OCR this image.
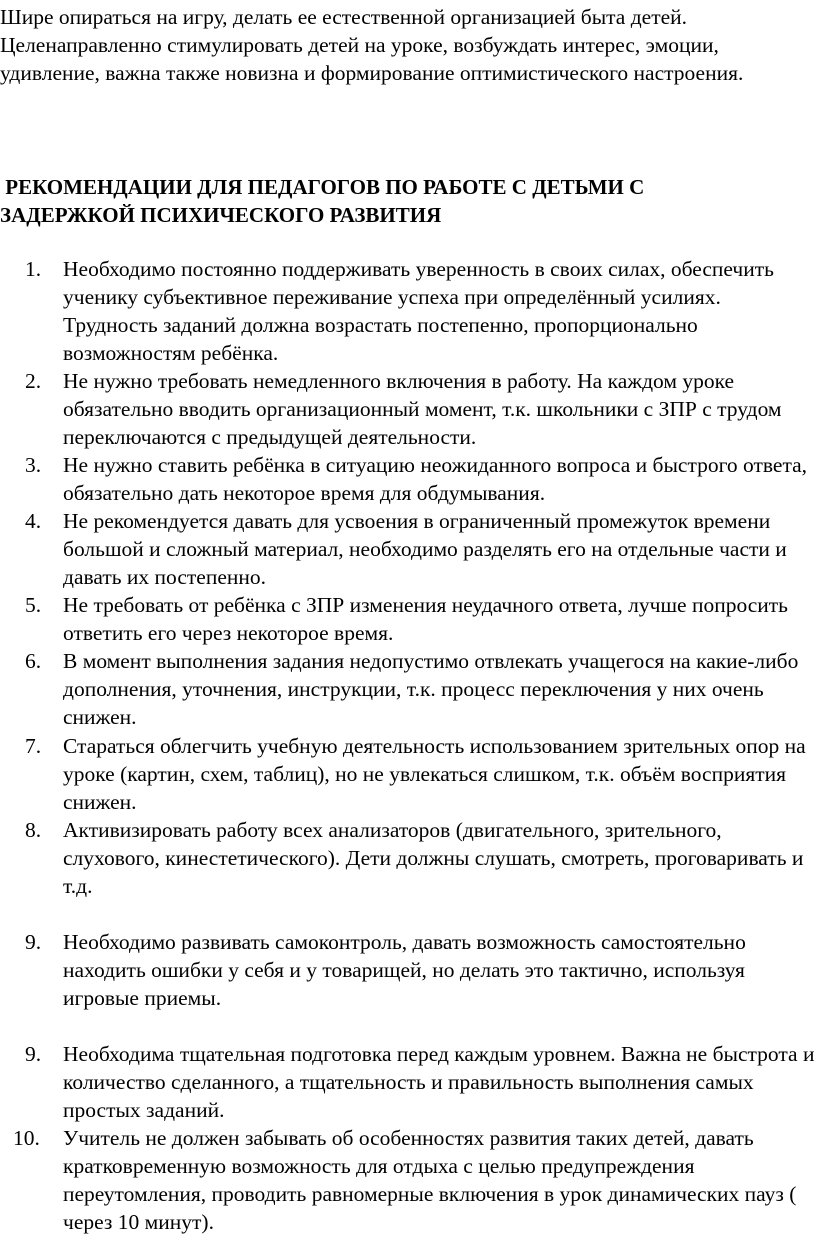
Шире опираться на игру, делать ее естественной организацией быта детей. Целенаправленно стимулировать детей на уроке, возбуждать интерес, эмоции, удивление, важна также новизна и формирование оптимистического настроения.

РЕКОМЕНДАЦИИ ДЛЯ ПЕДАГОГОВ ПО РАБОТЕ С ДЕТЬМИ С
ЗАДЕРЖКОЙ ПСИХИЧЕСКОГО РАЗВИТИЯ
1. Необходимо постоянно поддерживать уверенность в своих силах, обеспечить ученику субъективное переживание успеха при определённый усилиях. Трудность заданий должна возрастать постепенно, пропорционально возможностям ребёнка.
2. Не нужно требовать немедленного включения в работу. На каждом уроке обязательно вводить организационный момент, т.к. школьники с ЗПР с трудом переключаются с предыдущей деятельности.
3. Не нужно ставить ребёнка в ситуацию неожиданного вопроса и быстрого ответа, обязательно дать некоторое время для обдумывания.
4. Не рекомендуется давать для усвоения в ограниченный промежуток времени большой и сложный материал, необходимо разделять его на отдельные части и давать их постепенно.
5. Не требовать от ребёнка с ЗПР изменения неудачного ответа, лучше попросить ответить его через некоторое время.
6. В момент выполнения задания недопустимо отвлекать учащегося на какие-либо дополнения, уточнения, инструкции, т.к. процесс переключения у них очень снижен.
7. Стараться облегчить учебную деятельность использованием зрительных опор на уроке (картин, схем, таблиц), но не увлекаться слишком, т.к. объём восприятия снижен.
8. Активизировать работу всех анализаторов (двигательного, зрительного, слухового, кинестетического). Дети должны слушать, смотреть, проговаривать и т.д.
9. Необходимо развивать самоконтроль, давать возможность самостоятельно находить ошибки у себя и у товарищей, но делать это тактично, используя игровые приемы.
9. Необходима тщательная подготовка перед каждым уровнем. Важна не быстрота и количество сделанного, а тщательность и правильность выполнения самых простых заданий.
10. Учитель не должен забывать об особенностях развития таких детей, давать кратковременную возможность для отдыха с целью предупреждения переутомления, проводить равномерные включения в урок динамических пауз ( через 10 минут).
